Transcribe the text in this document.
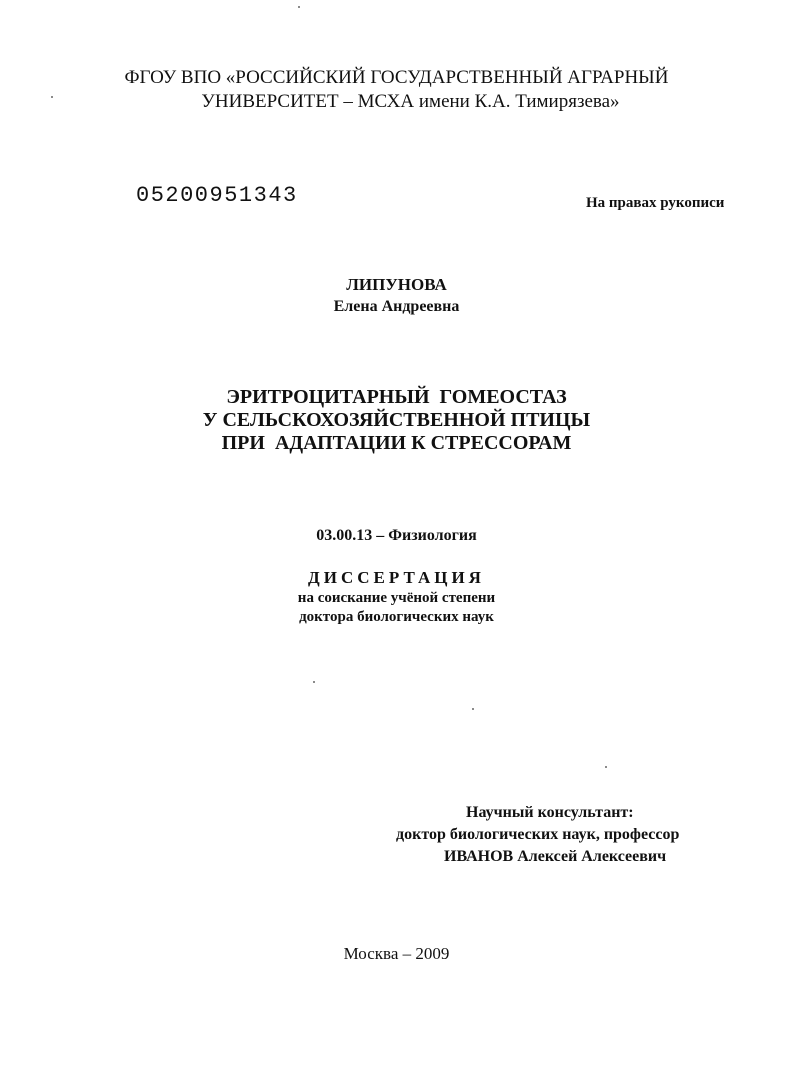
ФГОУ ВПО «РОССИЙСКИЙ ГОСУДАРСТВЕННЫЙ АГРАРНЫЙ
УНИВЕРСИТЕТ – МСХА имени К.А. Тимирязева»
05200951343	На правах рукописи
ЛИПУНОВА
Елена Андреевна
ЭРИТРОЦИТАРНЫЙ  ГОМЕОСТАЗ
У СЕЛЬСКОХОЗЯЙСТВЕННОЙ ПТИЦЫ
ПРИ  АДАПТАЦИИ К СТРЕССОРАМ
03.00.13 – Физиология
ДИССЕРТАЦИЯ
на соискание учёной степени
доктора биологических наук
Научный консультант:
доктор биологических наук, профессор
ИВАНОВ Алексей Алексеевич
Москва – 2009
